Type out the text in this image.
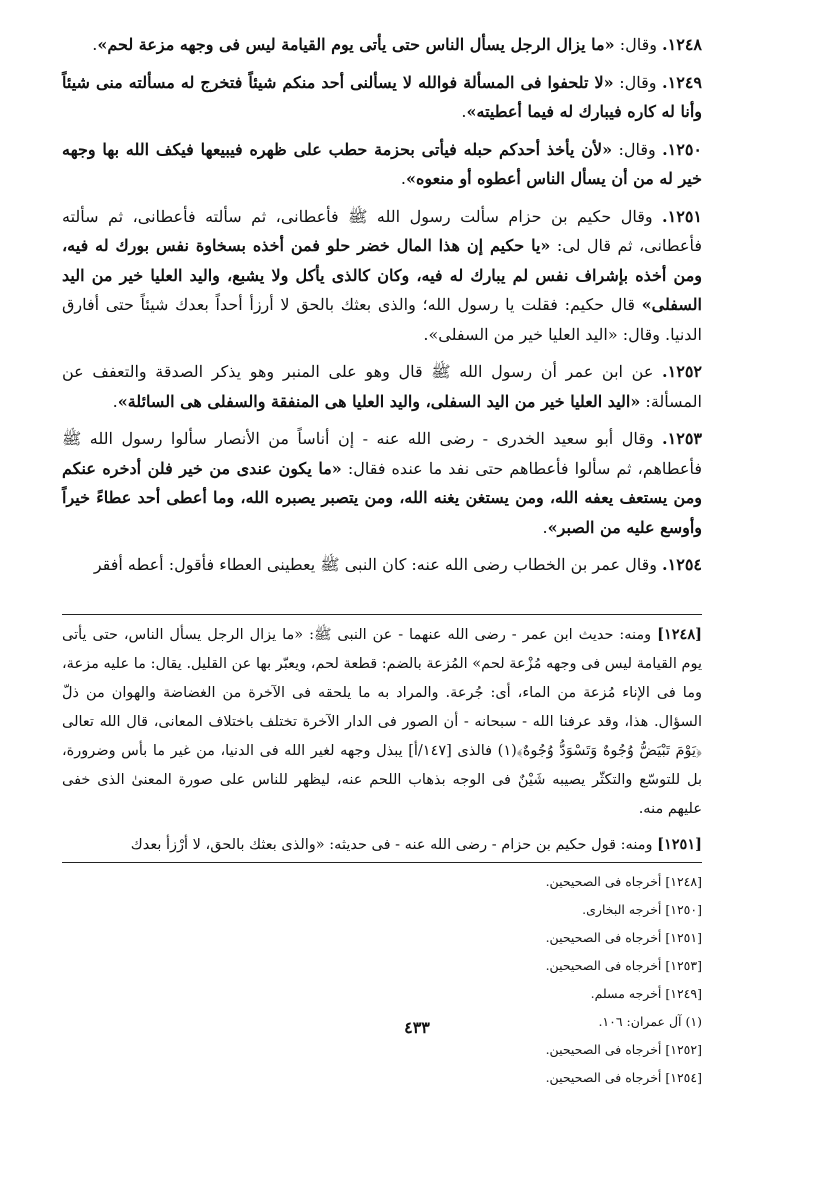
١٢٤٨. وقال: «ما يزال الرجل يسأل الناس حتى يأتى يوم القيامة ليس فى وجهه مزعة لحم».

١٢٤٩. وقال: «لا تلحفوا فى المسألة فوالله لا يسألنى أحد منكم شيئاً فتخرج له مسألته منى شيئاً وأنا له كاره فيبارك له فيما أعطيته».

١٢٥٠. وقال: «لأن يأخذ أحدكم حبله فيأتى بحزمة حطب على ظهره فيبيعها فيكف الله بها وجهه خير له من أن يسأل الناس أعطوه أو منعوه».

١٢٥١. وقال حكيم بن حزام سألت رسول الله ﷺ فأعطانى، ثم سألته فأعطانى، ثم سألته فأعطانى، ثم قال لى: «يا حكيم إن هذا المال خضر حلو فمن أخذه بسخاوة نفس بورك له فيه، ومن أخذه بإشراف نفس لم يبارك له فيه، وكان كالذى يأكل ولا يشبع، واليد العليا خير من اليد السفلى» قال حكيم: فقلت يا رسول الله؛ والذى بعثك بالحق لا أرزأ أحداً بعدك شيئاً حتى أفارق الدنيا. وقال: «اليد العليا خير من السفلى».

١٢٥٢. عن ابن عمر أن رسول الله ﷺ قال وهو على المنبر وهو يذكر الصدقة والتعفف عن المسألة: «اليد العليا خير من اليد السفلى، واليد العليا هى المنفقة والسفلى هى السائلة».

١٢٥٣. وقال أبو سعيد الخدرى - رضى الله عنه - إن أناساً من الأنصار سألوا رسول الله ﷺ فأعطاهم، ثم سألوا فأعطاهم حتى نفد ما عنده فقال: «ما يكون عندى من خير فلن أدخره عنكم ومن يستعف يعفه الله، ومن يستغن يغنه الله، ومن يتصبر يصبره الله، وما أعطى أحد عطاءً خيراً وأوسع عليه من الصبر».

١٢٥٤. وقال عمر بن الخطاب رضى الله عنه: كان النبى ﷺ يعطينى العطاء فأقول: أعطه أفقر

[١٢٤٨] ومنه: حديث ابن عمر - رضى الله عنهما - عن النبى ﷺ: «ما يزال الرجل يسأل الناس، حتى يأتى يوم القيامة ليس فى وجهه مُزْعة لحم» المُزعة بالضم: قطعة لحم، ويعبّر بها عن القليل. يقال: ما عليه مزعة، وما فى الإناء مُزعة من الماء، أى: جُرعة. والمراد به ما يلحقه فى الآخرة من الغضاضة والهوان من ذلّ السؤال. هذا، وقد عرفنا الله - سبحانه - أن الصور فى الدار الآخرة تختلف باختلاف المعانى، قال الله تعالى ﴿يَوْمَ تَبْيَضُّ وُجُوهٌ وَتَسْوَدُّ وُجُوهٌ﴾(١) فالذى [١٤٧/أ] يبذل وجهه لغير الله فى الدنيا، من غير ما بأس وضرورة، بل للتوسّع والتكثّر يصيبه شَيْنٌ فى الوجه بذهاب اللحم عنه، ليظهر للناس على صورة المعنىٰ الذى خفى عليهم منه.

[١٢٥١] ومنه: قول حكيم بن حزام - رضى الله عنه - فى حديثه: «والذى بعثك بالحق، لا أرْزأ بعدك

[١٢٤٨] أخرجاه فى الصحيحين.
[١٢٥٠] أخرجه البخارى.
[١٢٥١] أخرجاه فى الصحيحين.
[١٢٥٣] أخرجاه فى الصحيحين.

[١٢٤٩] أخرجه مسلم.
(١) آل عمران: ١٠٦.
[١٢٥٢] أخرجاه فى الصحيحين.
[١٢٥٤] أخرجاه فى الصحيحين.
٤٣٣
